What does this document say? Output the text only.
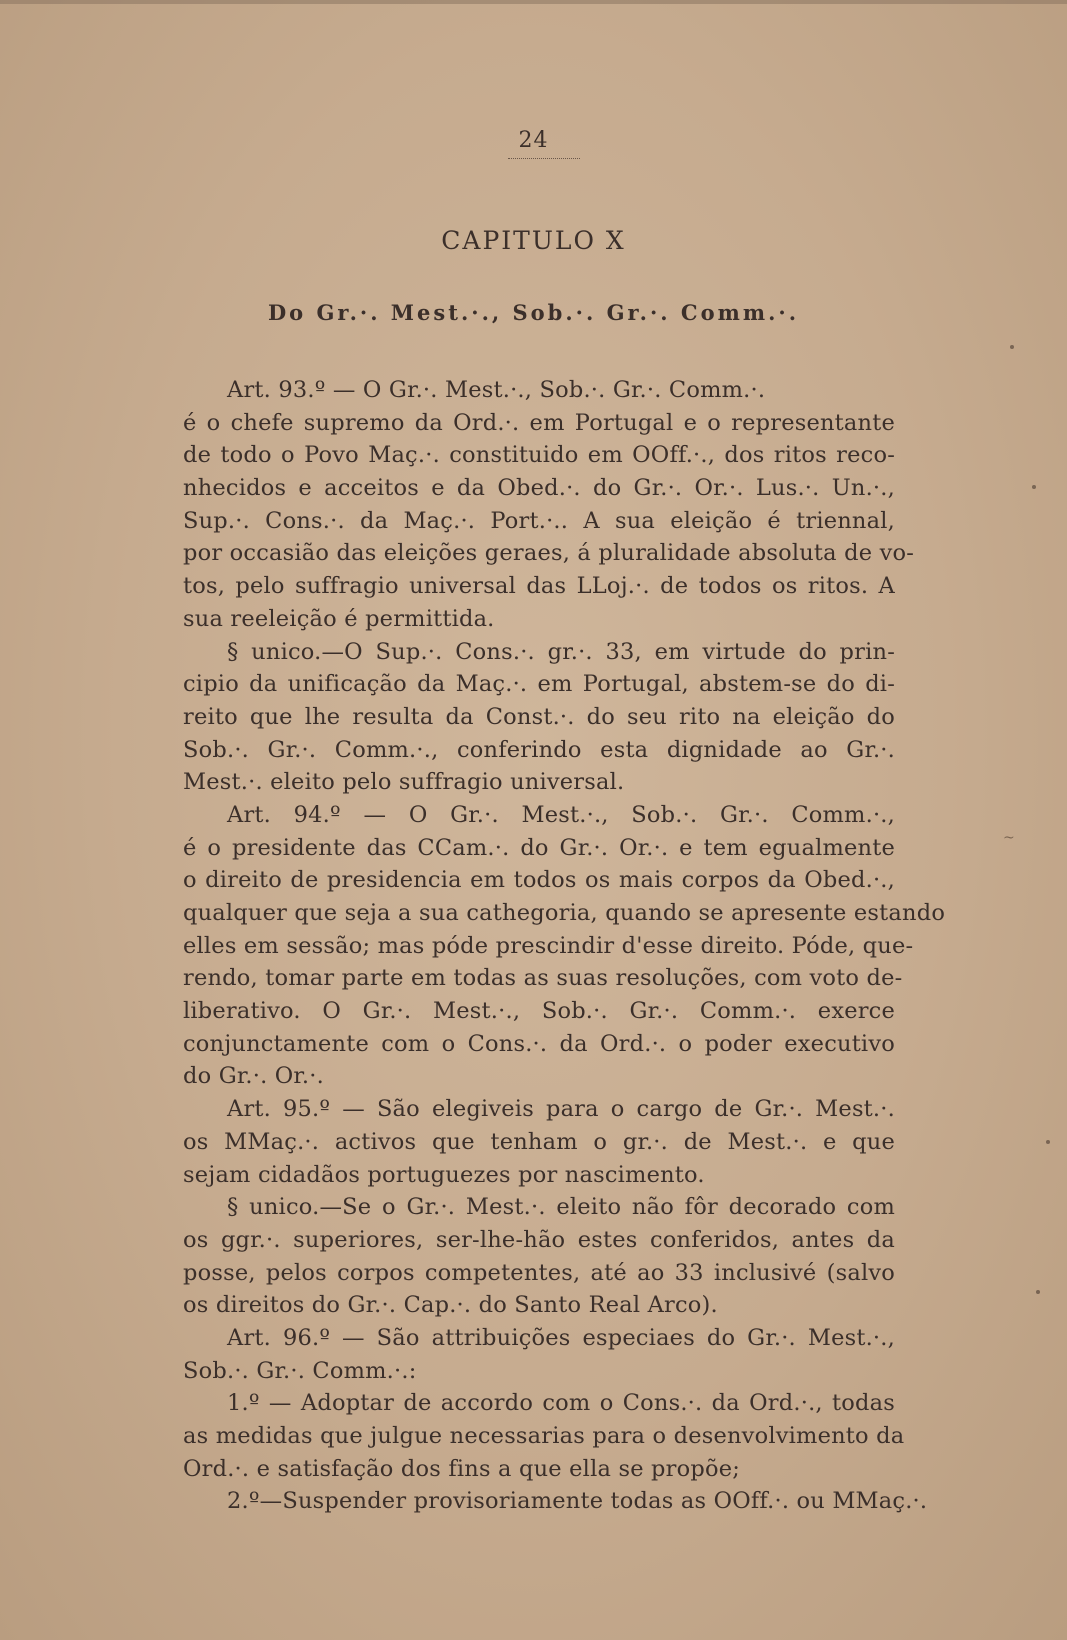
24
CAPITULO X
Do Gr.·. Mest.·., Sob.·. Gr.·. Comm.·.
Art. 93.º — O Gr.·. Mest.·., Sob.·. Gr.·. Comm.·.
é o chefe supremo da Ord.·. em Portugal e o representante
de todo o Povo Maç.·. constituido em OOff.·., dos ritos reco-
nhecidos e acceitos e da Obed.·. do Gr.·. Or.·. Lus.·. Un.·.,
Sup.·. Cons.·. da Maç.·. Port.·.. A sua eleição é triennal,
por occasião das eleições geraes, á pluralidade absoluta de vo-
tos, pelo suffragio universal das LLoj.·. de todos os ritos. A
sua reeleição é permittida.
§ unico.—O Sup.·. Cons.·. gr.·. 33, em virtude do prin-
cipio da unificação da Maç.·. em Portugal, abstem-se do di-
reito que lhe resulta da Const.·. do seu rito na eleição do
Sob.·. Gr.·. Comm.·., conferindo esta dignidade ao Gr.·.
Mest.·. eleito pelo suffragio universal.
Art. 94.º — O Gr.·. Mest.·., Sob.·. Gr.·. Comm.·.,
é o presidente das CCam.·. do Gr.·. Or.·. e tem egualmente
o direito de presidencia em todos os mais corpos da Obed.·.,
qualquer que seja a sua cathegoria, quando se apresente estando
elles em sessão; mas póde prescindir d'esse direito. Póde, que-
rendo, tomar parte em todas as suas resoluções, com voto de-
liberativo. O Gr.·. Mest.·., Sob.·. Gr.·. Comm.·. exerce
conjunctamente com o Cons.·. da Ord.·. o poder executivo
do Gr.·. Or.·.
Art. 95.º — São elegiveis para o cargo de Gr.·. Mest.·.
os MMaç.·. activos que tenham o gr.·. de Mest.·. e que
sejam cidadãos portuguezes por nascimento.
§ unico.—Se o Gr.·. Mest.·. eleito não fôr decorado com
os ggr.·. superiores, ser-lhe-hão estes conferidos, antes da
posse, pelos corpos competentes, até ao 33 inclusivé (salvo
os direitos do Gr.·. Cap.·. do Santo Real Arco).
Art. 96.º — São attribuições especiaes do Gr.·. Mest.·.,
Sob.·. Gr.·. Comm.·.:
1.º — Adoptar de accordo com o Cons.·. da Ord.·., todas
as medidas que julgue necessarias para o desenvolvimento da
Ord.·. e satisfação dos fins a que ella se propõe;
2.º—Suspender provisoriamente todas as OOff.·. ou MMaç.·.
~
